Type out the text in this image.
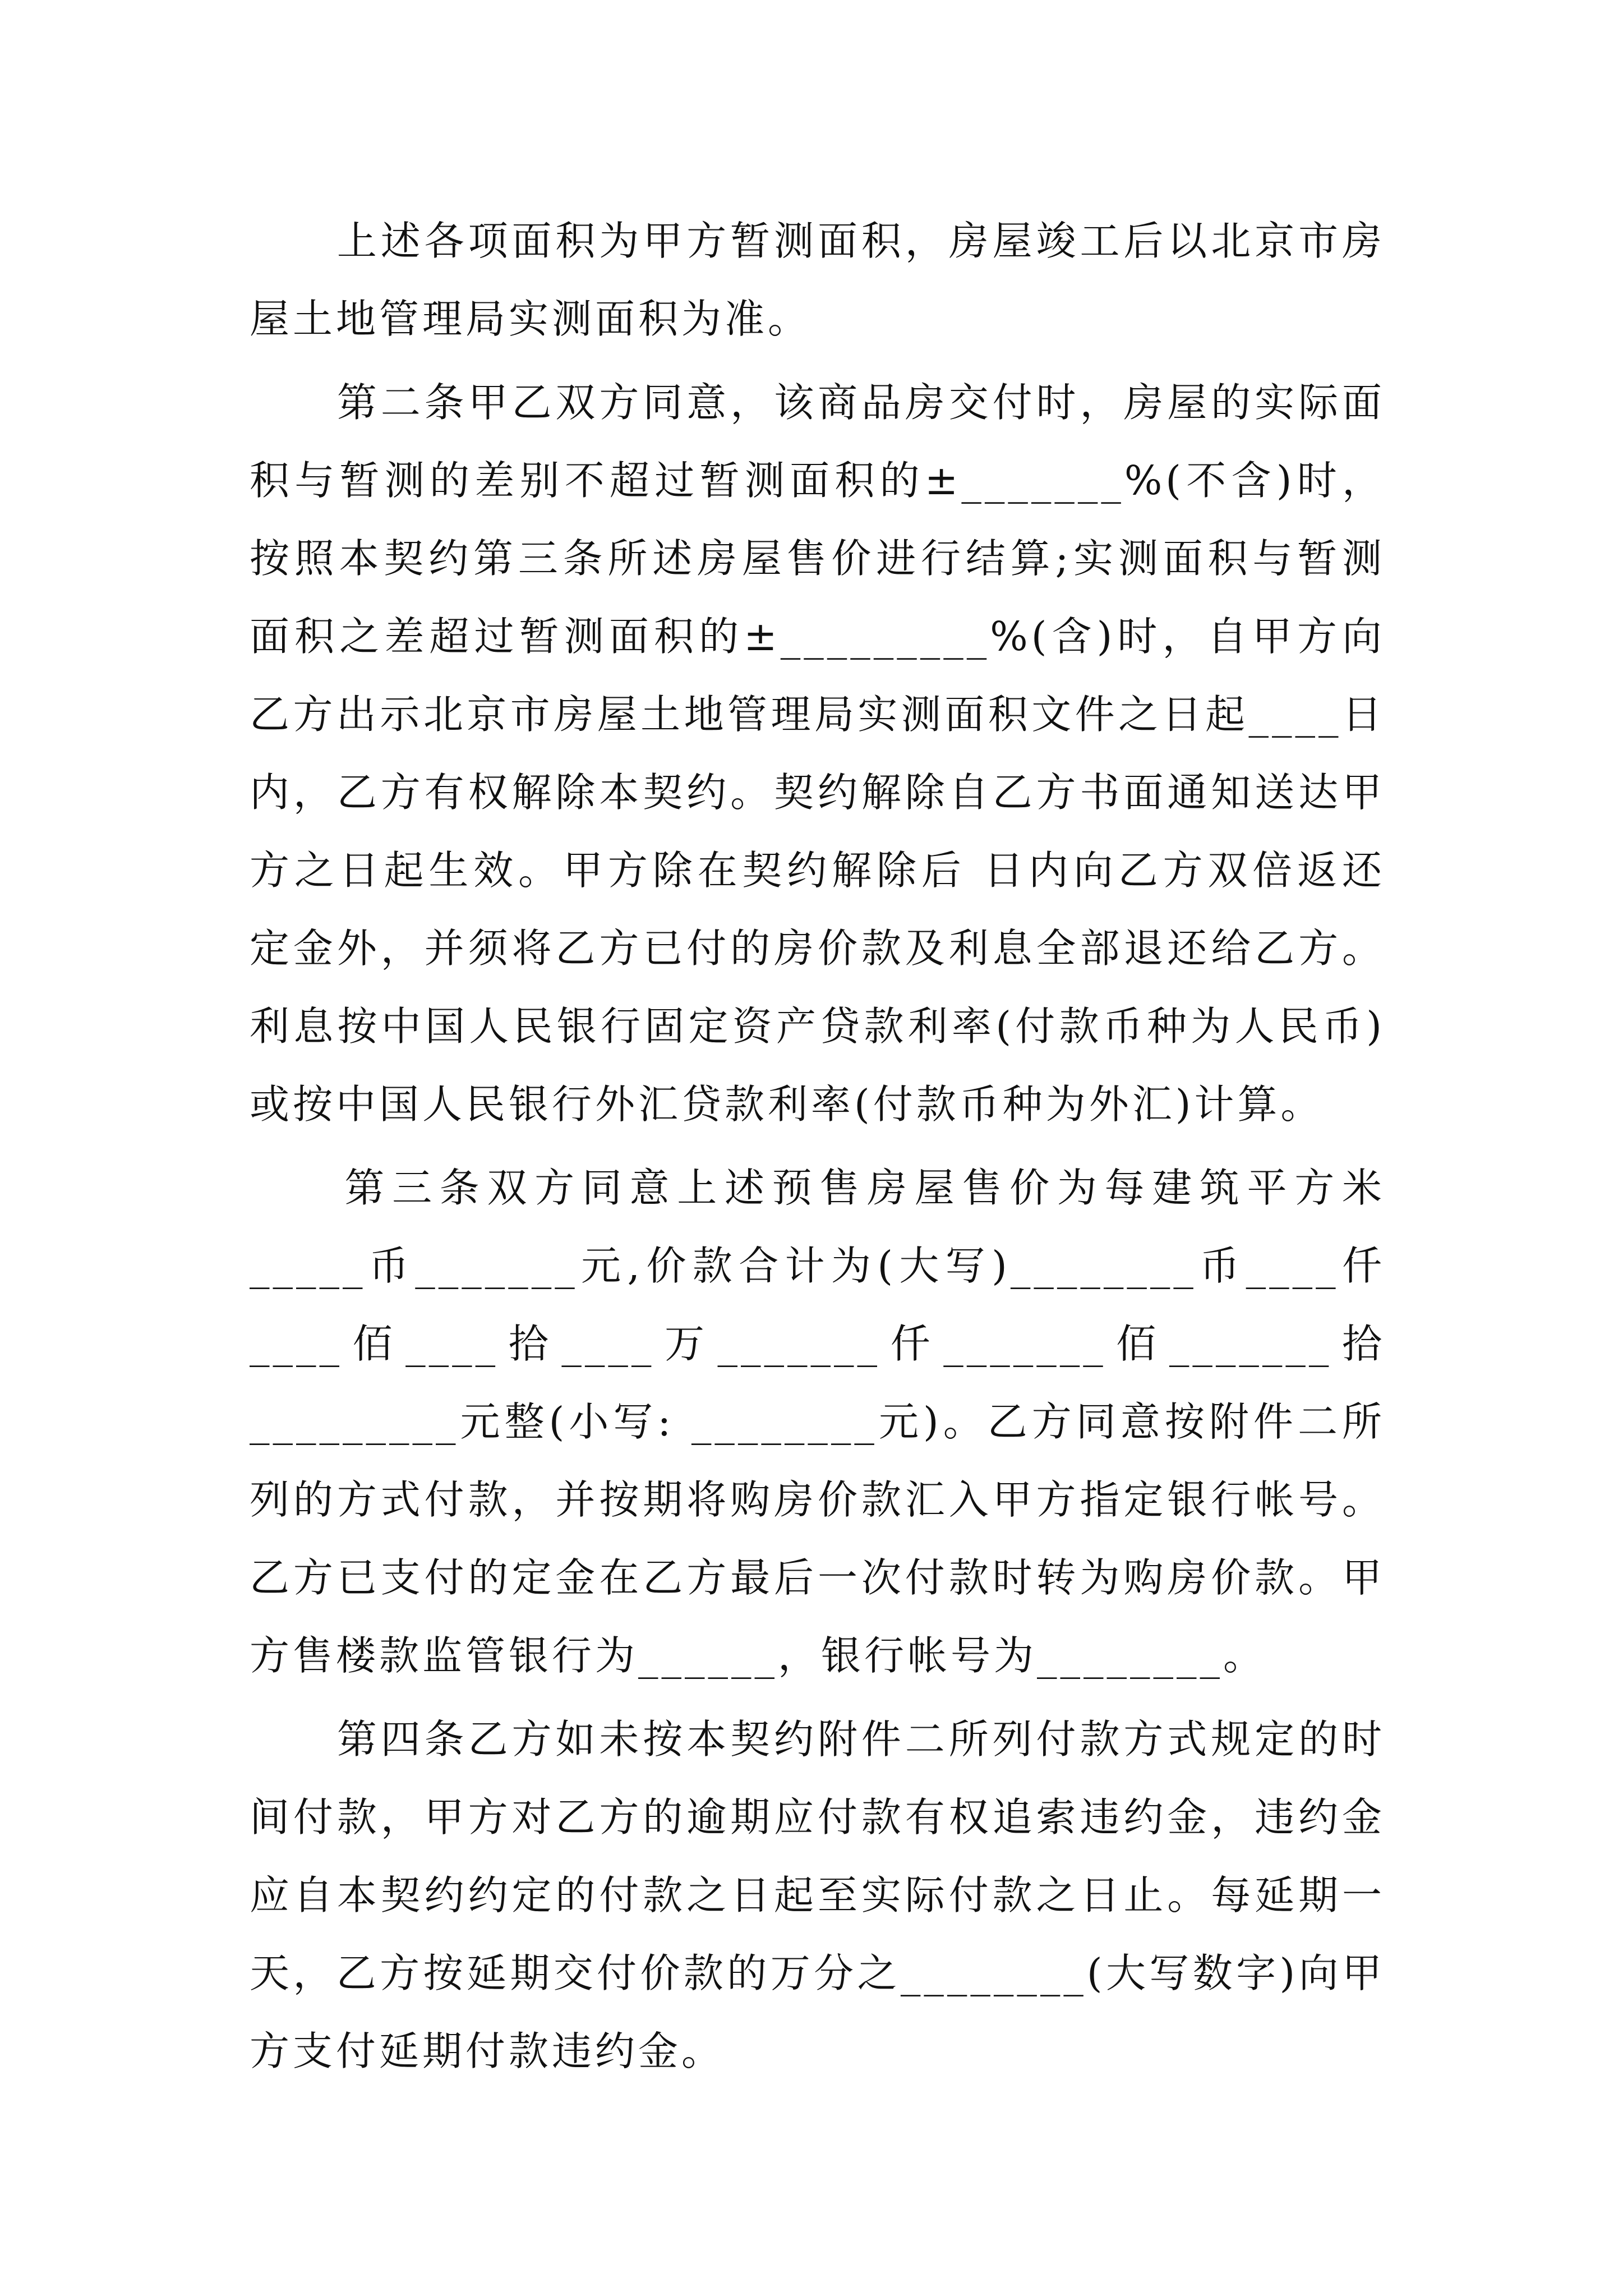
　　上述各项面积为甲方暂测面积，房屋竣工后以北京市房屋土地管理局实测面积为准。

　　第二条甲乙双方同意，该商品房交付时，房屋的实际面积与暂测的差别不超过暂测面积的±_______%(不含)时，按照本契约第三条所述房屋售价进行结算;实测面积与暂测面积之差超过暂测面积的±_________%(含)时，自甲方向乙方出示北京市房屋土地管理局实测面积文件之日起____日内，乙方有权解除本契约。契约解除自乙方书面通知送达甲方之日起生效。甲方除在契约解除后 日内向乙方双倍返还定金外，并须将乙方已付的房价款及利息全部退还给乙方。利息按中国人民银行固定资产贷款利率(付款币种为人民币)或按中国人民银行外汇贷款利率(付款币种为外汇)计算。

　　第三条双方同意上述预售房屋售价为每建筑平方米_____币_______元,价款合计为(大写)________币____仟____佰____拾____万_______仟_______佰_______拾_________元整(小写: ________元)。乙方同意按附件二所列的方式付款，并按期将购房价款汇入甲方指定银行帐号。乙方已支付的定金在乙方最后一次付款时转为购房价款。甲方售楼款监管银行为______，银行帐号为________。

　　第四条乙方如未按本契约附件二所列付款方式规定的时间付款，甲方对乙方的逾期应付款有权追索违约金，违约金应自本契约约定的付款之日起至实际付款之日止。每延期一天，乙方按延期交付价款的万分之________(大写数字)向甲方支付延期付款违约金。
